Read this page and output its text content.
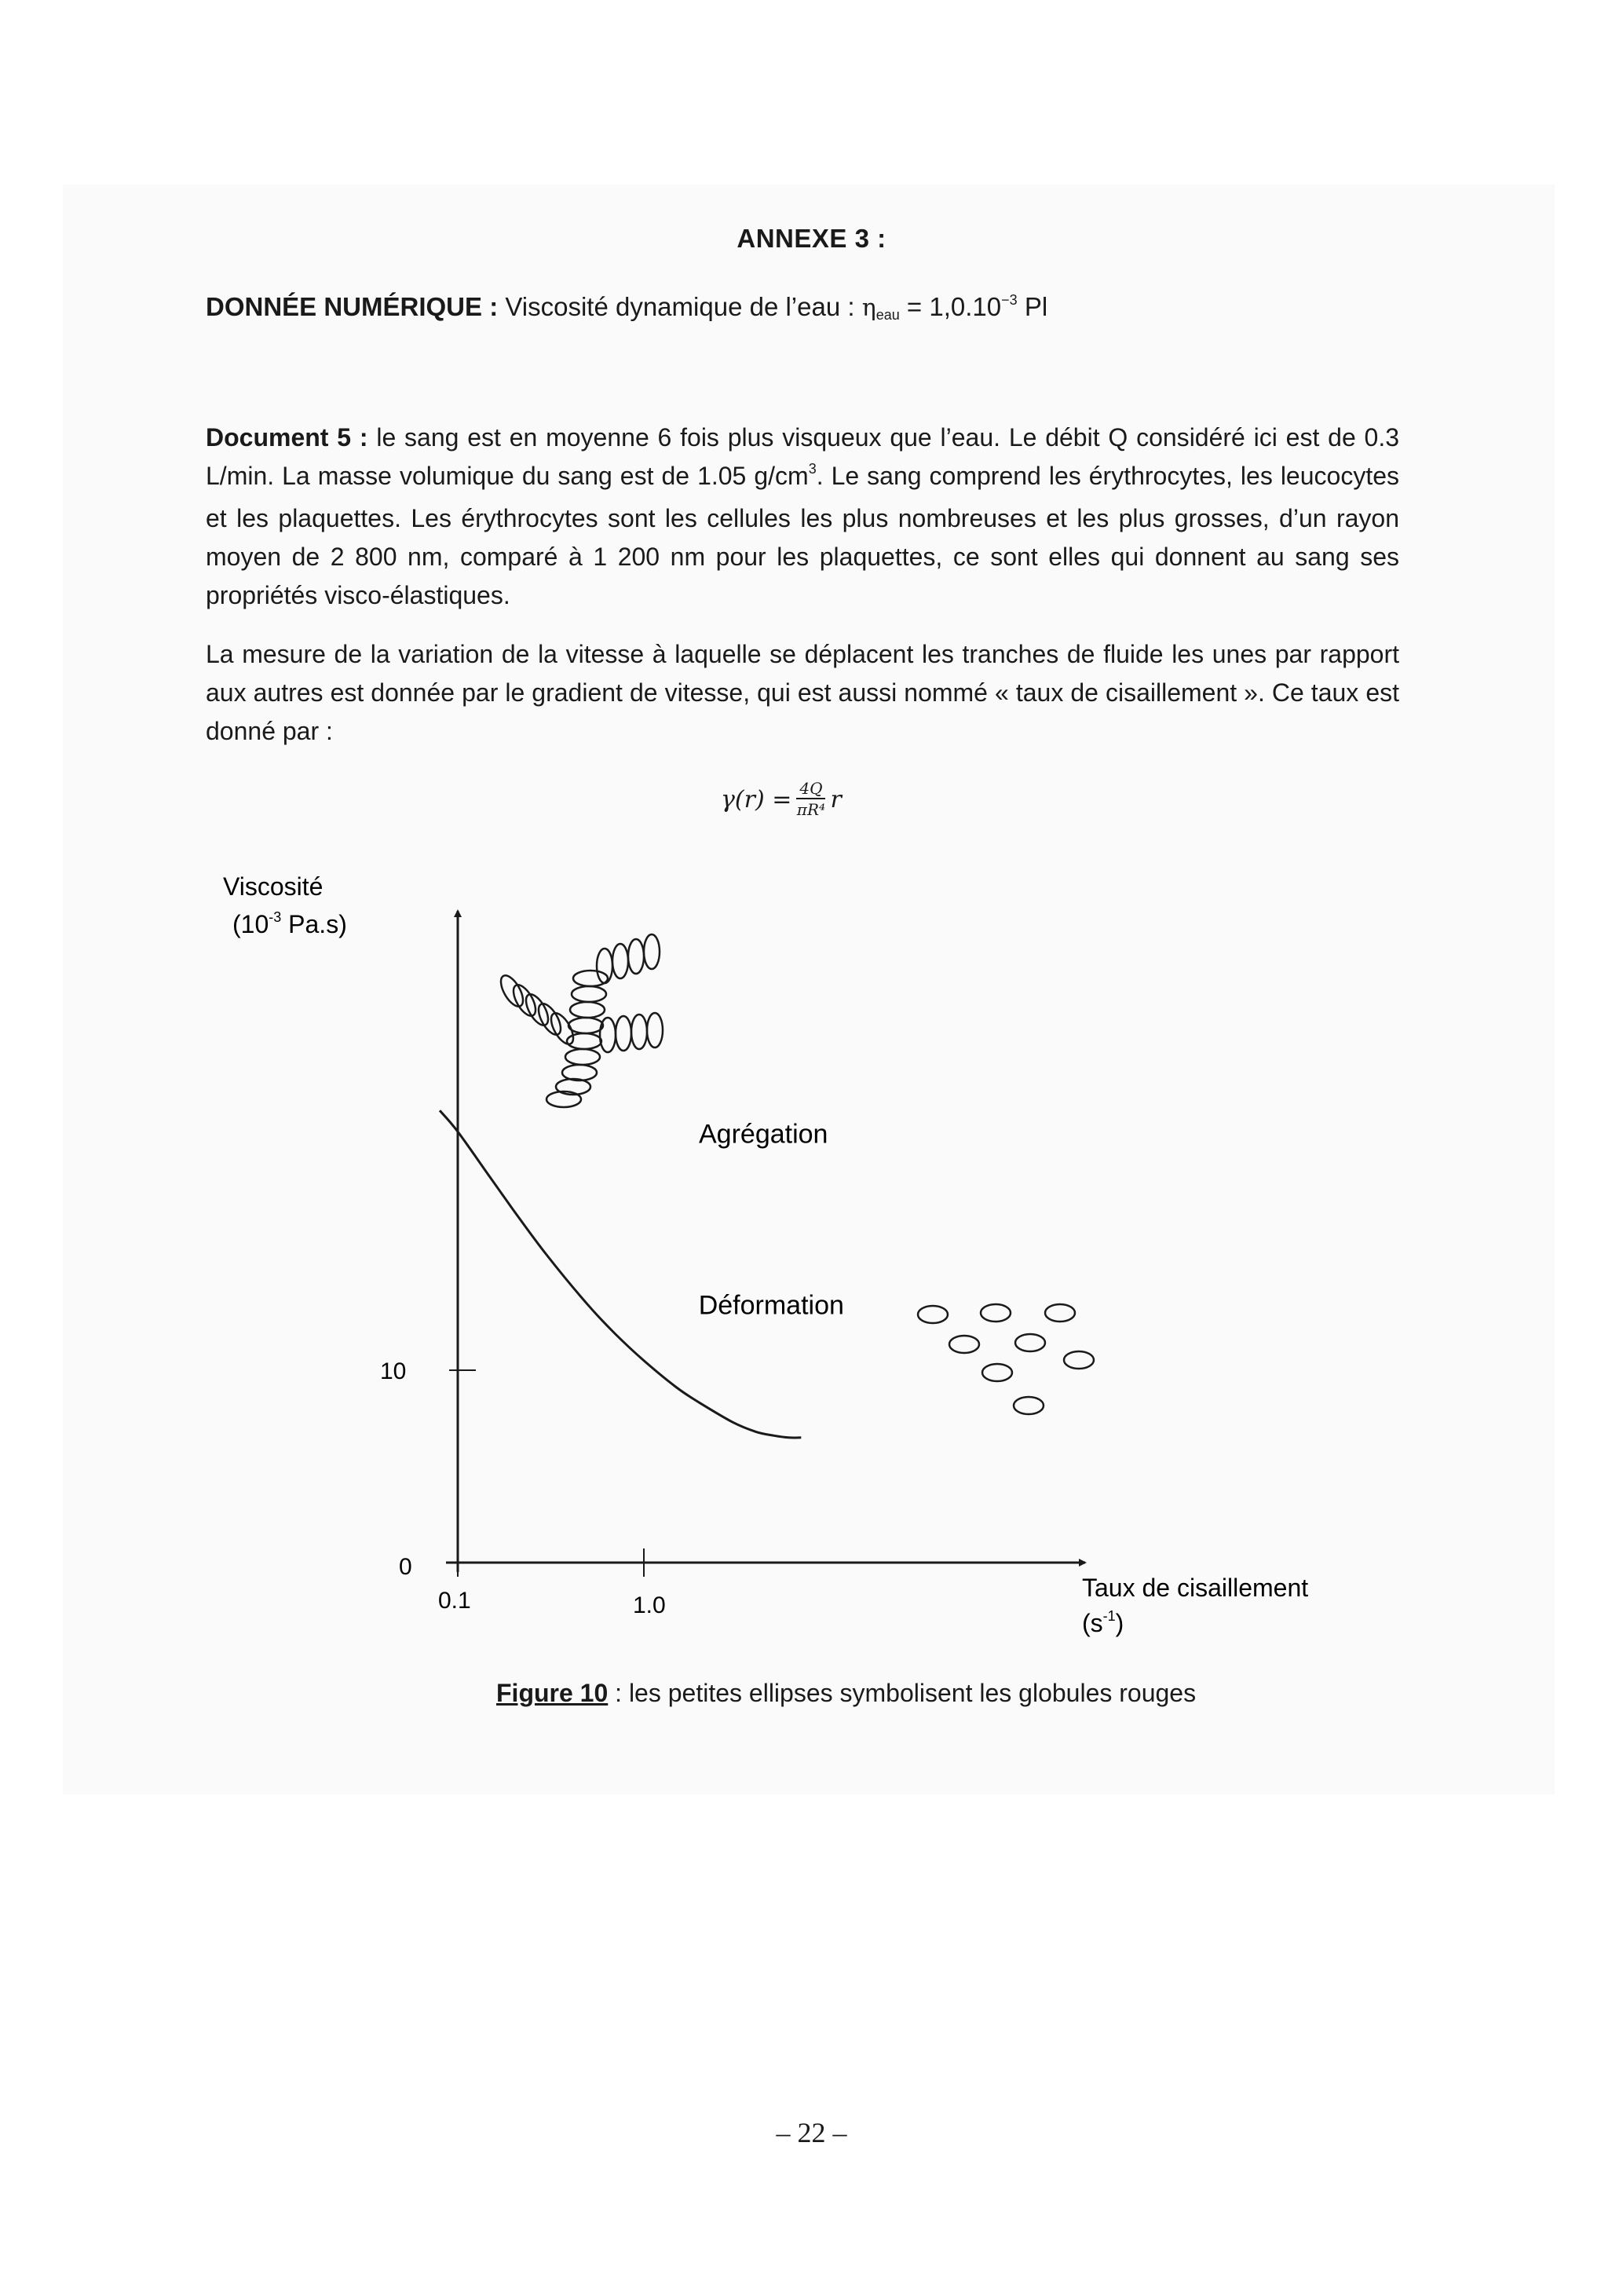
ANNEXE 3 :
DONNÉE NUMÉRIQUE : Viscosité dynamique de l’eau : $\eta eau = 1,0.10^{-3}$ Pl
Document 5 : le sang est en moyenne 6 fois plus visqueux que l’eau. Le débit Q considéré ici est de 0.3 L/min. La masse volumique du sang est de 1.05 $g/cm^3$. Le sang comprend les érythrocytes, les leucocytes et les plaquettes. Les érythrocytes sont les cellules les plus nombreuses et les plus grosses, d’un rayon moyen de 2 800 nm, comparé à 1 200 nm pour les plaquettes, ce sont elles qui donnent au sang ses propriétés visco-élastiques.
La mesure de la variation de la vitesse à laquelle se déplacent les tranches de fluide les unes par rapport aux autres est donnée par le gradient de vitesse, qui est aussi nommé « taux de cisaillement ». Ce taux est donné par :
$\gamma(r) = \frac{4Q}{\text{πR⁴}}$ r
0
10
0.1	1.0
Viscosité
($10^{-3}$ Pa.s)
Taux de cisaillement
$(s^{-1})$
Agrégation
Déformation
Figure 10 : les petites ellipses symbolisent les globules rouges
– 22 –
